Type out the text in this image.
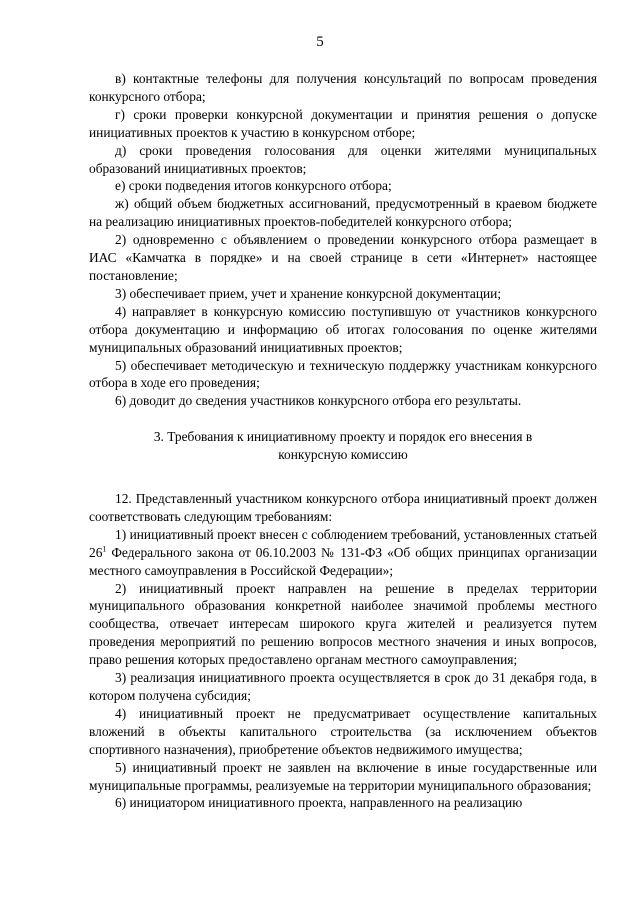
5

в) контактные телефоны для получения консультаций по вопросам проведения конкурсного отбора;

г) сроки проверки конкурсной документации и принятия решения о допуске инициативных проектов к участию в конкурсном отборе;

д) сроки проведения голосования для оценки жителями муниципальных образований инициативных проектов;

е) сроки подведения итогов конкурсного отбора;

ж) общий объем бюджетных ассигнований, предусмотренный в краевом бюджете на реализацию инициативных проектов-победителей конкурсного отбора;

2) одновременно с объявлением о проведении конкурсного отбора размещает в ИАС «Камчатка в порядке» и на своей странице в сети «Интернет» настоящее постановление;

3) обеспечивает прием, учет и хранение конкурсной документации;

4) направляет в конкурсную комиссию поступившую от участников конкурсного отбора документацию и информацию об итогах голосования по оценке жителями муниципальных образований инициативных проектов;

5) обеспечивает методическую и техническую поддержку участникам конкурсного отбора в ходе его проведения;

6) доводит до сведения участников конкурсного отбора его результаты.

3. Требования к инициативному проекту и порядок его внесения в конкурсную комиссию

12. Представленный участником конкурсного отбора инициативный проект должен соответствовать следующим требованиям:

1) инициативный проект внесен с соблюдением требований, установленных статьей $26^1$ Федерального закона от 06.10.2003 № 131-ФЗ «Об общих принципах организации местного самоуправления в Российской Федерации»;

2) инициативный проект направлен на решение в пределах территории муниципального образования конкретной наиболее значимой проблемы местного сообщества, отвечает интересам широкого круга жителей и реализуется путем проведения мероприятий по решению вопросов местного значения и иных вопросов, право решения которых предоставлено органам местного самоуправления;

3) реализация инициативного проекта осуществляется в срок до 31 декабря года, в котором получена субсидия;

4) инициативный проект не предусматривает осуществление капитальных вложений в объекты капитального строительства (за исключением объектов спортивного назначения), приобретение объектов недвижимого имущества;

5) инициативный проект не заявлен на включение в иные государственные или муниципальные программы, реализуемые на территории муниципального образования;

6) инициатором инициативного проекта, направленного на реализацию
